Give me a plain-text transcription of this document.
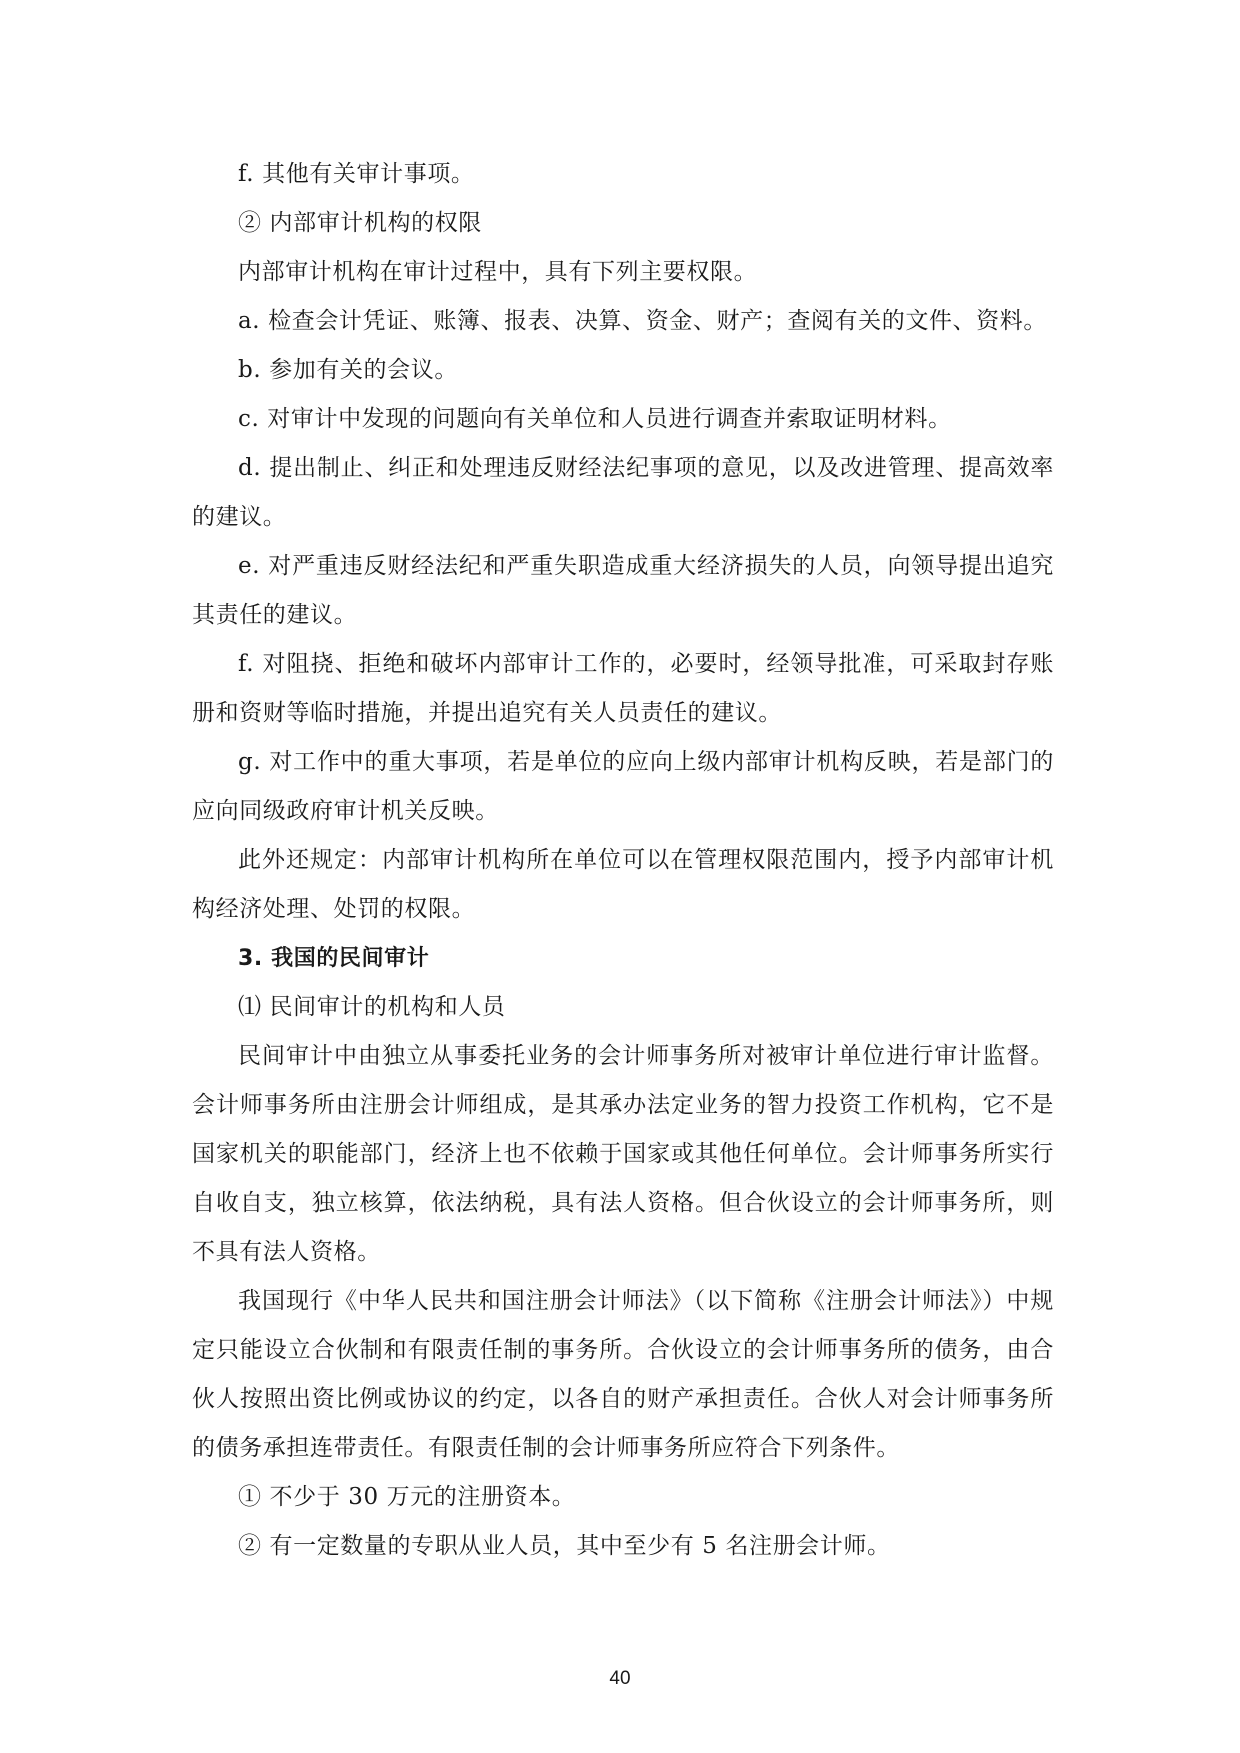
f. 其他有关审计事项。

② 内部审计机构的权限

内部审计机构在审计过程中，具有下列主要权限。

a. 检查会计凭证、账簿、报表、决算、资金、财产；查阅有关的文件、资料。

b. 参加有关的会议。

c. 对审计中发现的问题向有关单位和人员进行调查并索取证明材料。

d. 提出制止、纠正和处理违反财经法纪事项的意见，以及改进管理、提高效率的建议。

e. 对严重违反财经法纪和严重失职造成重大经济损失的人员，向领导提出追究其责任的建议。

f. 对阻挠、拒绝和破坏内部审计工作的，必要时，经领导批准，可采取封存账册和资财等临时措施，并提出追究有关人员责任的建议。

g. 对工作中的重大事项，若是单位的应向上级内部审计机构反映，若是部门的应向同级政府审计机关反映。

此外还规定：内部审计机构所在单位可以在管理权限范围内，授予内部审计机构经济处理、处罚的权限。

3. 我国的民间审计

⑴ 民间审计的机构和人员

民间审计中由独立从事委托业务的会计师事务所对被审计单位进行审计监督。会计师事务所由注册会计师组成，是其承办法定业务的智力投资工作机构，它不是国家机关的职能部门，经济上也不依赖于国家或其他任何单位。会计师事务所实行自收自支，独立核算，依法纳税，具有法人资格。但合伙设立的会计师事务所，则不具有法人资格。

我国现行《中华人民共和国注册会计师法》（以下简称《注册会计师法》）中规定只能设立合伙制和有限责任制的事务所。合伙设立的会计师事务所的债务，由合伙人按照出资比例或协议的约定，以各自的财产承担责任。合伙人对会计师事务所的债务承担连带责任。有限责任制的会计师事务所应符合下列条件。

① 不少于 30 万元的注册资本。

② 有一定数量的专职从业人员，其中至少有 5 名注册会计师。

40
